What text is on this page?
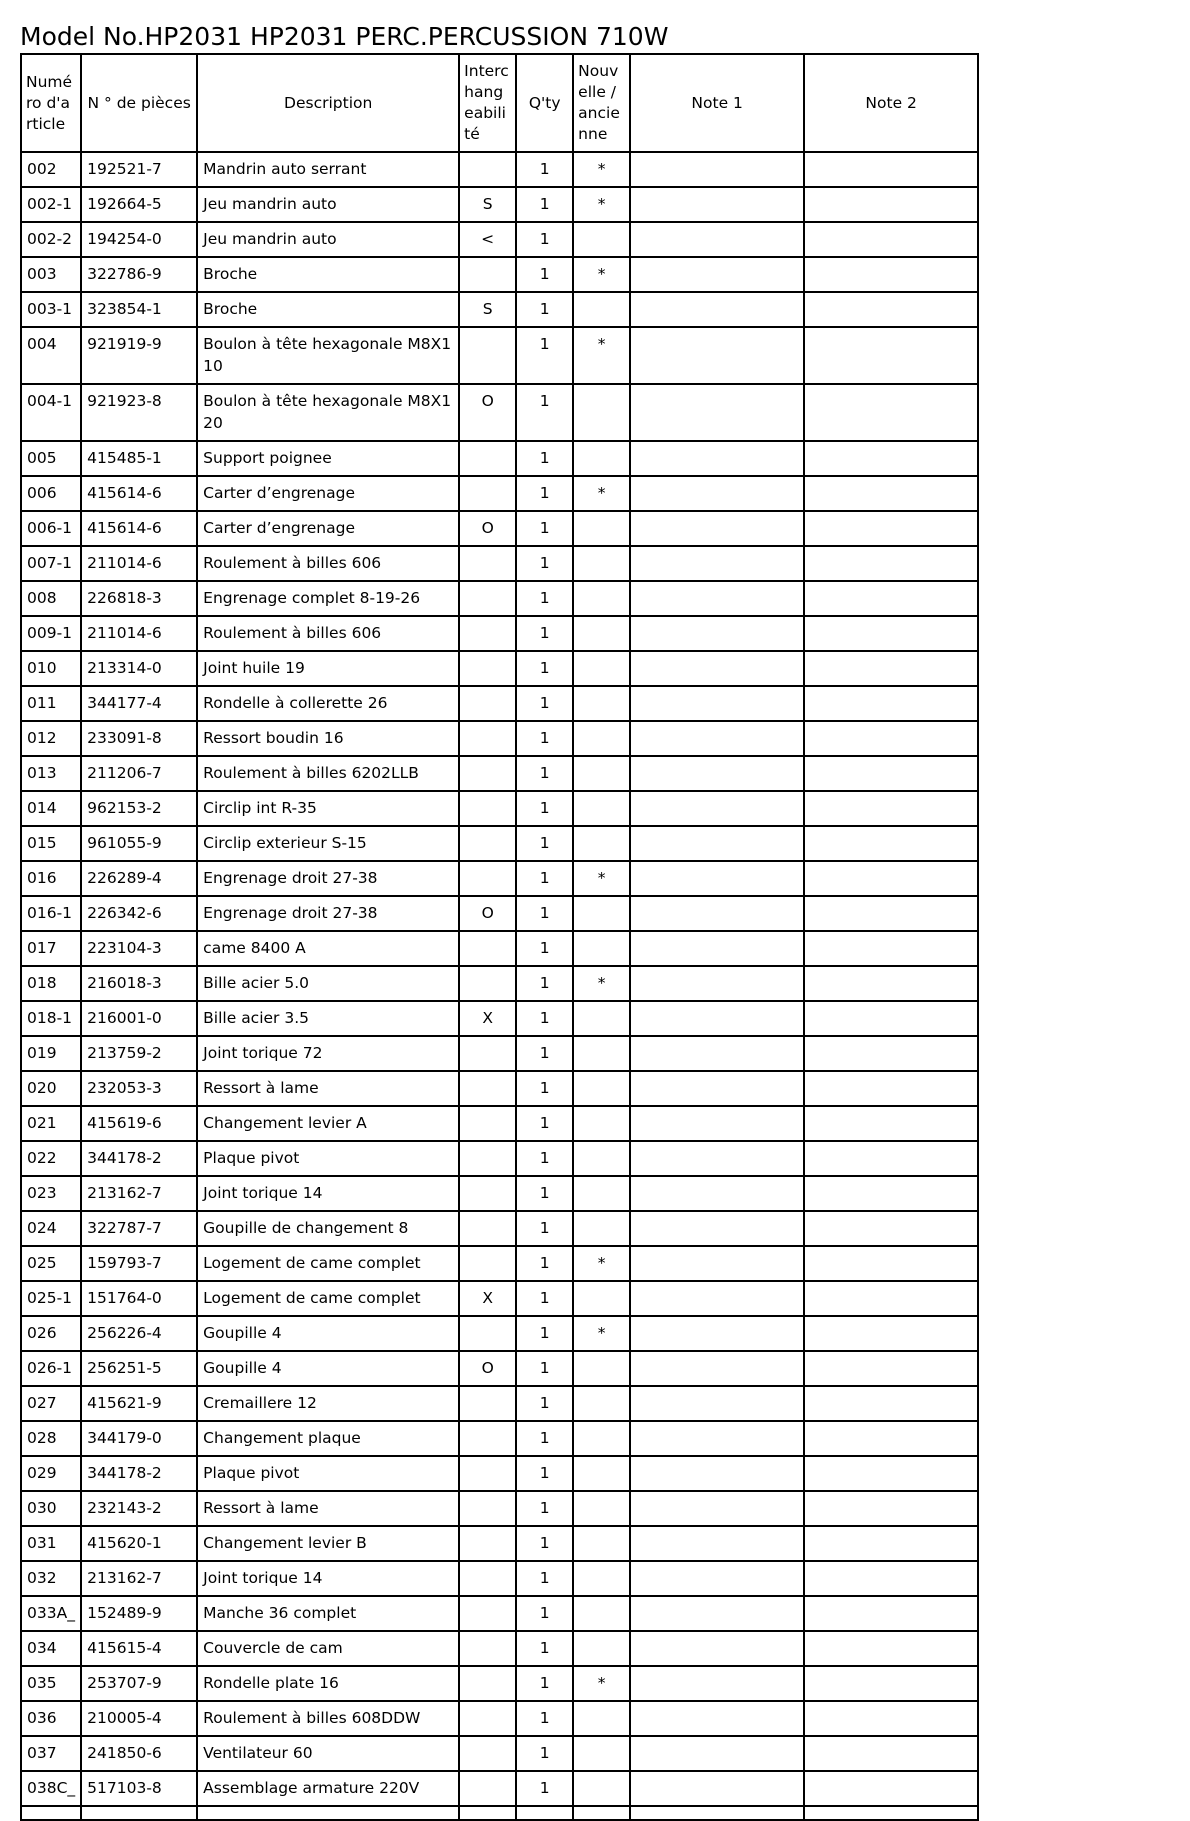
Model No.HP2031 HP2031 PERC.PERCUSSION 710W
Numéro d'article	N ° de pièces	Description	Interchangeabilité	Q'ty	Nouvelle / ancienne	Note 1	Note 2
002	192521-7	Mandrin auto serrant		1	*		
002-1	192664-5	Jeu mandrin auto	S	1	*		
002-2	194254-0	Jeu mandrin auto	<	1			
003	322786-9	Broche		1	*		
003-1	323854-1	Broche	S	1			
004	921919-9	Boulon à tête hexagonale M8X110		1	*		
004-1	921923-8	Boulon à tête hexagonale M8X120	O	1			
005	415485-1	Support poignee		1			
006	415614-6	Carter d’engrenage		1	*		
006-1	415614-6	Carter d’engrenage	O	1			
007-1	211014-6	Roulement à billes 606		1			
008	226818-3	Engrenage complet 8-19-26		1			
009-1	211014-6	Roulement à billes 606		1			
010	213314-0	Joint huile 19		1			
011	344177-4	Rondelle à collerette 26		1			
012	233091-8	Ressort boudin 16		1			
013	211206-7	Roulement à billes 6202LLB		1			
014	962153-2	Circlip int R-35		1			
015	961055-9	Circlip exterieur S-15		1			
016	226289-4	Engrenage droit 27-38		1	*		
016-1	226342-6	Engrenage droit 27-38	O	1			
017	223104-3	came 8400 A		1			
018	216018-3	Bille acier 5.0		1	*		
018-1	216001-0	Bille acier 3.5	X	1			
019	213759-2	Joint torique 72		1			
020	232053-3	Ressort à lame		1			
021	415619-6	Changement levier A		1			
022	344178-2	Plaque pivot		1			
023	213162-7	Joint torique 14		1			
024	322787-7	Goupille de changement 8		1			
025	159793-7	Logement de came complet		1	*		
025-1	151764-0	Logement de came complet	X	1			
026	256226-4	Goupille 4		1	*		
026-1	256251-5	Goupille 4	O	1			
027	415621-9	Cremaillere 12		1			
028	344179-0	Changement plaque		1			
029	344178-2	Plaque pivot		1			
030	232143-2	Ressort à lame		1			
031	415620-1	Changement levier B		1			
032	213162-7	Joint torique 14		1			
033A_	152489-9	Manche 36 complet		1			
034	415615-4	Couvercle de cam		1			
035	253707-9	Rondelle plate 16		1	*		
036	210005-4	Roulement à billes 608DDW		1			
037	241850-6	Ventilateur 60		1			
038C_	517103-8	Assemblage armature 220V		1			
